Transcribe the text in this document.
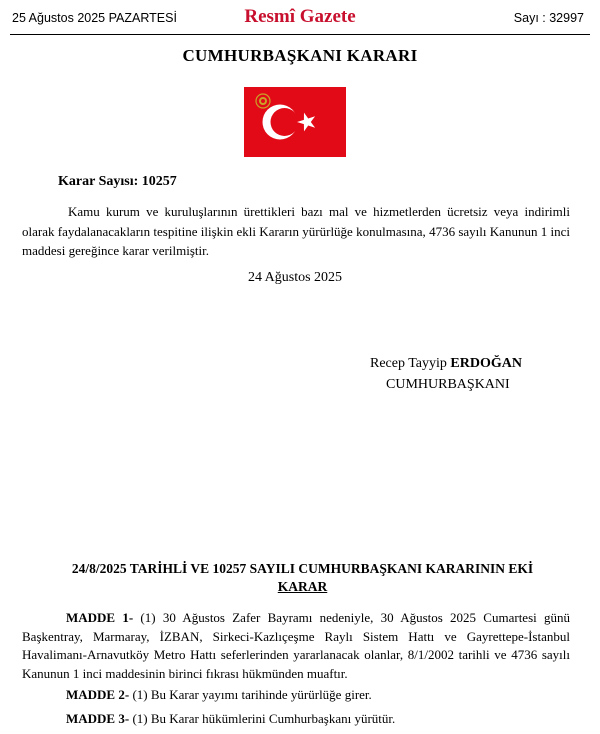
25 Ağustos 2025 PAZARTESİ	Resmî Gazete	Sayı : 32997
CUMHURBAŞKANI KARARI
Karar Sayısı: 10257

Kamu kurum ve kuruluşlarının ürettikleri bazı mal ve hizmetlerden ücretsiz veya indirimli olarak faydalanacakların tespitine ilişkin ekli Kararın yürürlüğe konulmasına, 4736 sayılı Kanunun 1 inci maddesi gereğince karar verilmiştir.

24 Ağustos 2025
Recep Tayyip ERDOĞAN
CUMHURBAŞKANI
24/8/2025 TARİHLİ VE 10257 SAYILI CUMHURBAŞKANI KARARININ EKİ
KARAR

MADDE 1- (1) 30 Ağustos Zafer Bayramı nedeniyle, 30 Ağustos 2025 Cumartesi günü Başkentray, Marmaray, İZBAN, Sirkeci-Kazlıçeşme Raylı Sistem Hattı ve Gayrettepe-İstanbul Havalimanı-Arnavutköy Metro Hattı seferlerinden yararlanacak olanlar, 8/1/2002 tarihli ve 4736 sayılı Kanunun 1 inci maddesinin birinci fıkrası hükmünden muaftır.

MADDE 2- (1) Bu Karar yayımı tarihinde yürürlüğe girer.

MADDE 3- (1) Bu Karar hükümlerini Cumhurbaşkanı yürütür.
